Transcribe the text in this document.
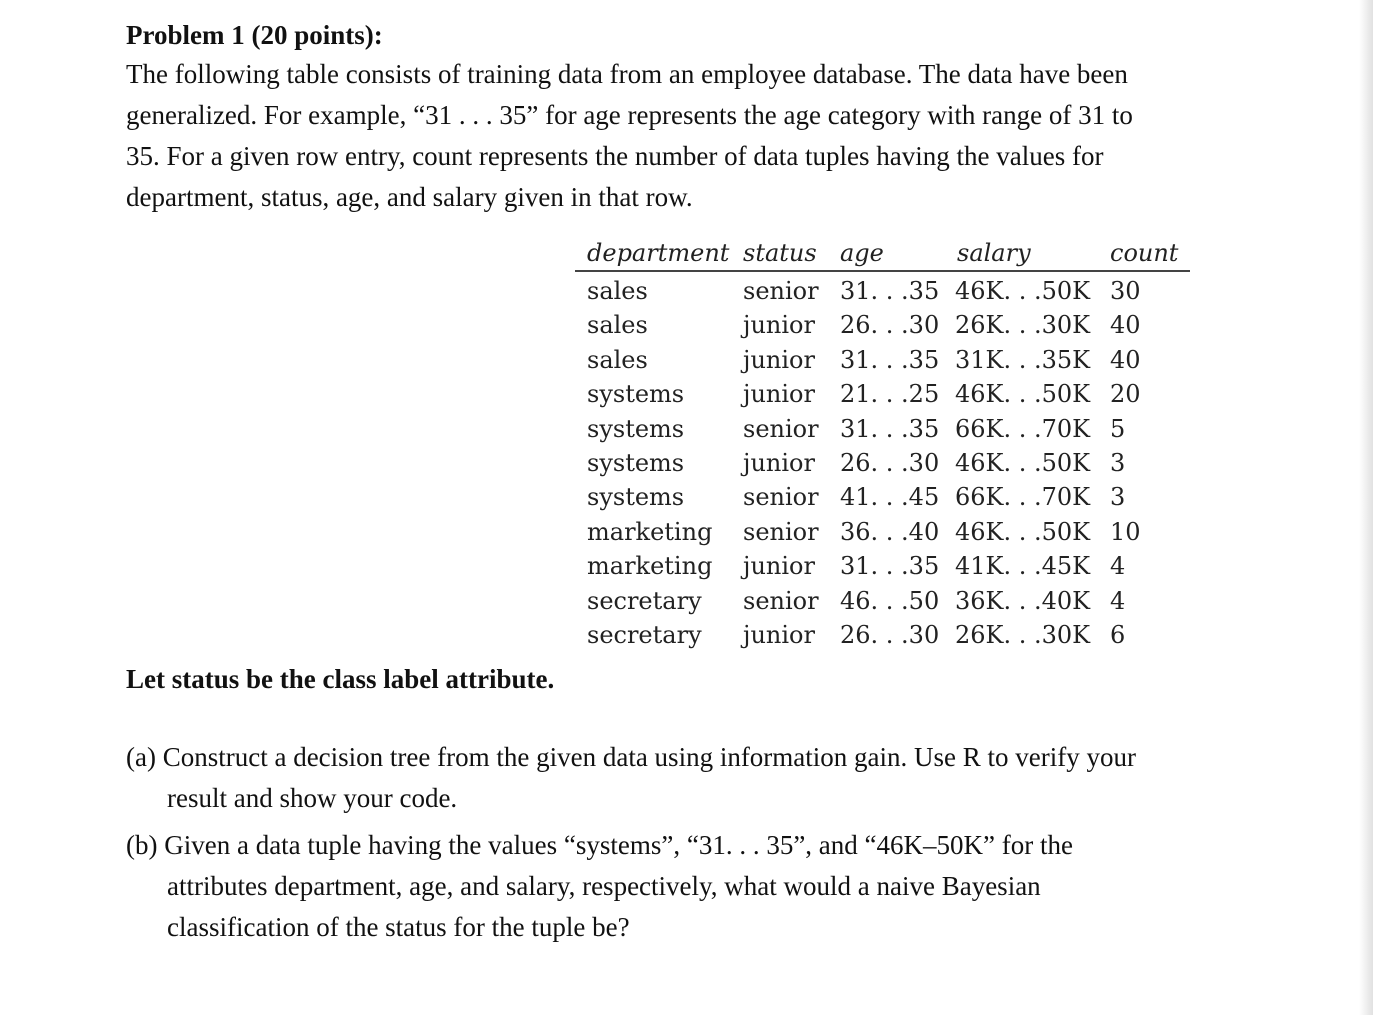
Problem 1 (20 points):
The following table consists of training data from an employee database. The data have been
generalized. For example, “31 . . . 35” for age represents the age category with range of 31 to
35. For a given row entry, count represents the number of data tuples having the values for
department, status, age, and salary given in that row.
department status age	salary	count
sales	senior 31. . .35 46K. . .50K 30
sales	junior 26. . .30 26K. . .30K 40
sales	junior 31. . .35 31K. . .35K 40
systems junior 21. . .25 46K. . .50K 20
systems senior 31. . .35 66K. . .70K 5
systems junior 26. . .30 46K. . .50K 3
systems senior 41. . .45 66K. . .70K 3
marketing senior 36. . .40 46K. . .50K 10
marketing junior 31. . .35 41K. . .45K 4
secretary senior 46. . .50 36K. . .40K 4
secretary junior 26. . .30 26K. . .30K 6
Let status be the class label attribute.
(a) Construct a decision tree from the given data using information gain. Use R to verify your
result and show your code.
(b) Given a data tuple having the values “systems”, “31. . . 35”, and “46K–50K” for the
attributes department, age, and salary, respectively, what would a naive Bayesian
classification of the status for the tuple be?
